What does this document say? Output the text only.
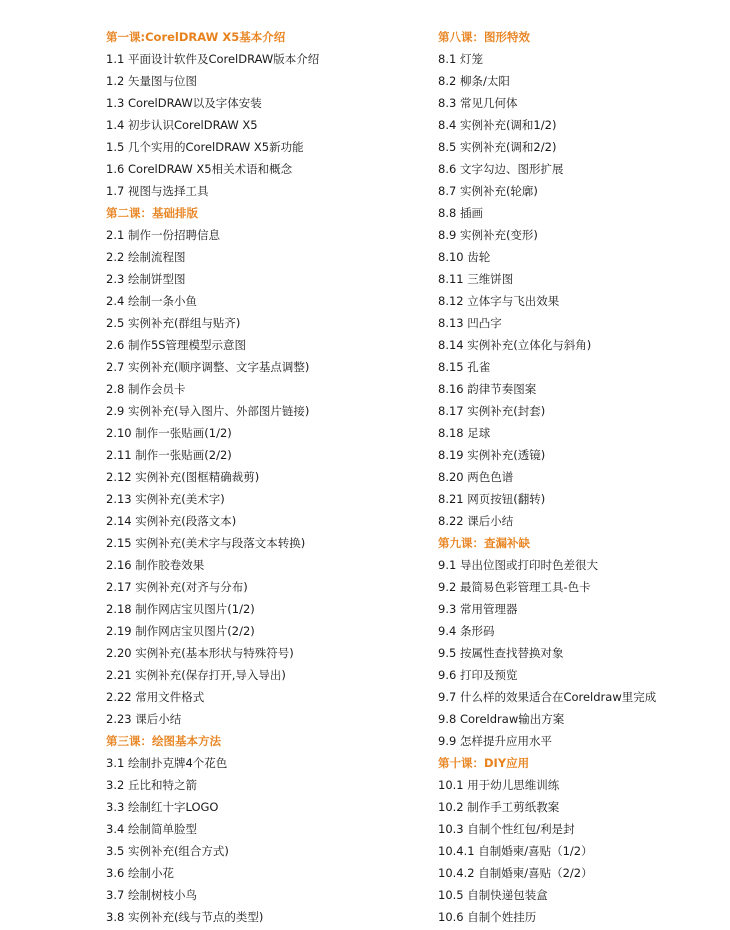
第一课:CorelDRAW X5基本介绍
1.1 平面设计软件及CorelDRAW版本介绍
1.2 矢量图与位图
1.3 CorelDRAW以及字体安装
1.4 初步认识CorelDRAW X5
1.5 几个实用的CorelDRAW X5新功能
1.6 CorelDRAW X5相关术语和概念
1.7 视图与选择工具
第二课：基础排版
2.1 制作一份招聘信息
2.2 绘制流程图
2.3 绘制饼型图
2.4 绘制一条小鱼
2.5 实例补充(群组与贴齐)
2.6 制作5S管理模型示意图
2.7 实例补充(顺序调整、文字基点调整)
2.8 制作会员卡
2.9 实例补充(导入图片、外部图片链接)
2.10 制作一张贴画(1/2)
2.11 制作一张贴画(2/2)
2.12 实例补充(图框精确裁剪)
2.13 实例补充(美术字)
2.14 实例补充(段落文本)
2.15 实例补充(美术字与段落文本转换)
2.16 制作胶卷效果
2.17 实例补充(对齐与分布)
2.18 制作网店宝贝图片(1/2)
2.19 制作网店宝贝图片(2/2)
2.20 实例补充(基本形状与特殊符号)
2.21 实例补充(保存打开,导入导出)
2.22 常用文件格式
2.23 课后小结
第三课：绘图基本方法
3.1 绘制扑克牌4个花色
3.2 丘比和特之箭
3.3 绘制红十字LOGO
3.4 绘制简单脸型
3.5 实例补充(组合方式)
3.6 绘制小花
3.7 绘制树枝小鸟
3.8 实例补充(线与节点的类型)
第八课：图形特效
8.1 灯笼
8.2 柳条/太阳
8.3 常见几何体
8.4 实例补充(调和1/2)
8.5 实例补充(调和2/2)
8.6 文字勾边、图形扩展
8.7 实例补充(轮廓)
8.8 插画
8.9 实例补充(变形)
8.10 齿轮
8.11 三维饼图
8.12 立体字与飞出效果
8.13 凹凸字
8.14 实例补充(立体化与斜角)
8.15 孔雀
8.16 韵律节奏图案
8.17 实例补充(封套)
8.18 足球
8.19 实例补充(透镜)
8.20 两色色谱
8.21 网页按钮(翻转)
8.22 课后小结
第九课：查漏补缺
9.1 导出位图或打印时色差很大
9.2 最简易色彩管理工具-色卡
9.3 常用管理器
9.4 条形码
9.5 按属性查找替换对象
9.6 打印及预览
9.7 什么样的效果适合在Coreldraw里完成
9.8 Coreldraw输出方案
9.9 怎样提升应用水平
第十课：DIY应用
10.1 用于幼儿思维训练
10.2 制作手工剪纸教案
10.3 自制个性红包/利是封
10.4.1 自制婚柬/喜贴（1/2）
10.4.2 自制婚柬/喜贴（2/2）
10.5 自制快递包装盒
10.6 自制个姓挂历
